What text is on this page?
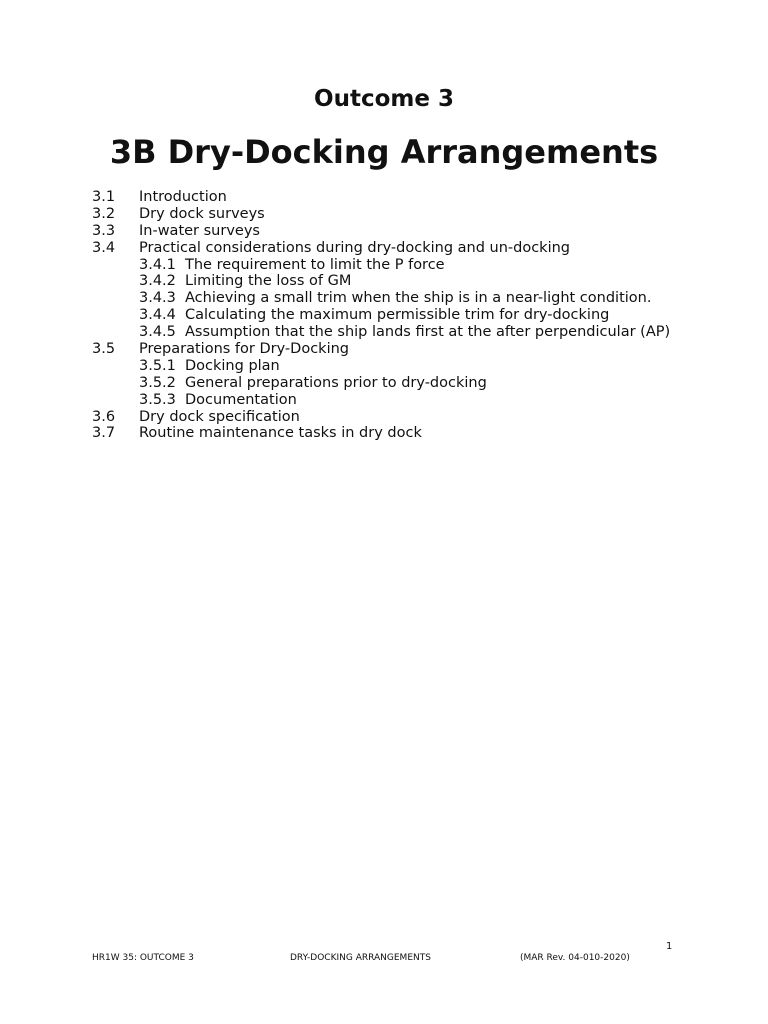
Outcome 3
3B Dry-Docking Arrangements
3.1 Introduction
3.2 Dry dock surveys
3.3 In-water surveys
3.4 Practical considerations during dry-docking and un-docking
3.4.1 The requirement to limit the P force
3.4.2 Limiting the loss of GM
3.4.3 Achieving a small trim when the ship is in a near-light condition.
3.4.4 Calculating the maximum permissible trim for dry-docking
3.4.5 Assumption that the ship lands first at the after perpendicular (AP)
3.5 Preparations for Dry-Docking
3.5.1 Docking plan
3.5.2 General preparations prior to dry-docking
3.5.3 Documentation
3.6 Dry dock specification
3.7 Routine maintenance tasks in dry dock
1
HR1W 35: OUTCOME 3	DRY-DOCKING ARRANGEMENTS	(MAR Rev. 04-010-2020)
